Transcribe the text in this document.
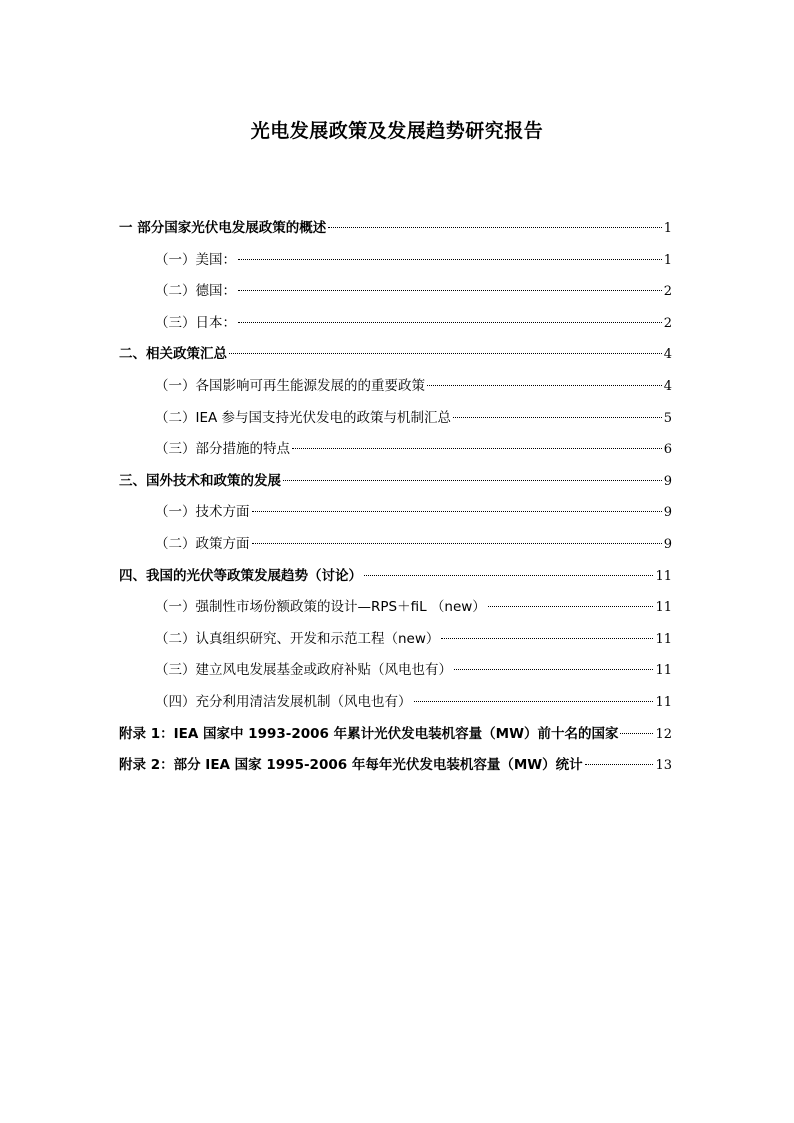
光电发展政策及发展趋势研究报告
一 部分国家光伏电发展政策的概述	1
（一）美国：	1
（二）德国：	2
（三）日本：	2
二、相关政策汇总	4
（一）各国影响可再生能源发展的的重要政策	4
（二）IEA 参与国支持光伏发电的政策与机制汇总	5
（三）部分措施的特点	6
三、国外技术和政策的发展	9
（一）技术方面	9
（二）政策方面	9
四、我国的光伏等政策发展趋势（讨论）	11
（一）强制性市场份额政策的设计—RPS＋fiL （new）	11
（二）认真组织研究、开发和示范工程（new）	11
（三）建立风电发展基金或政府补贴（风电也有）	11
（四）充分利用清洁发展机制（风电也有）	11
附录 1：IEA 国家中 1993-2006 年累计光伏发电装机容量（MW）前十名的国家	12
附录 2：部分 IEA 国家 1995-2006 年每年光伏发电装机容量（MW）统计	13
